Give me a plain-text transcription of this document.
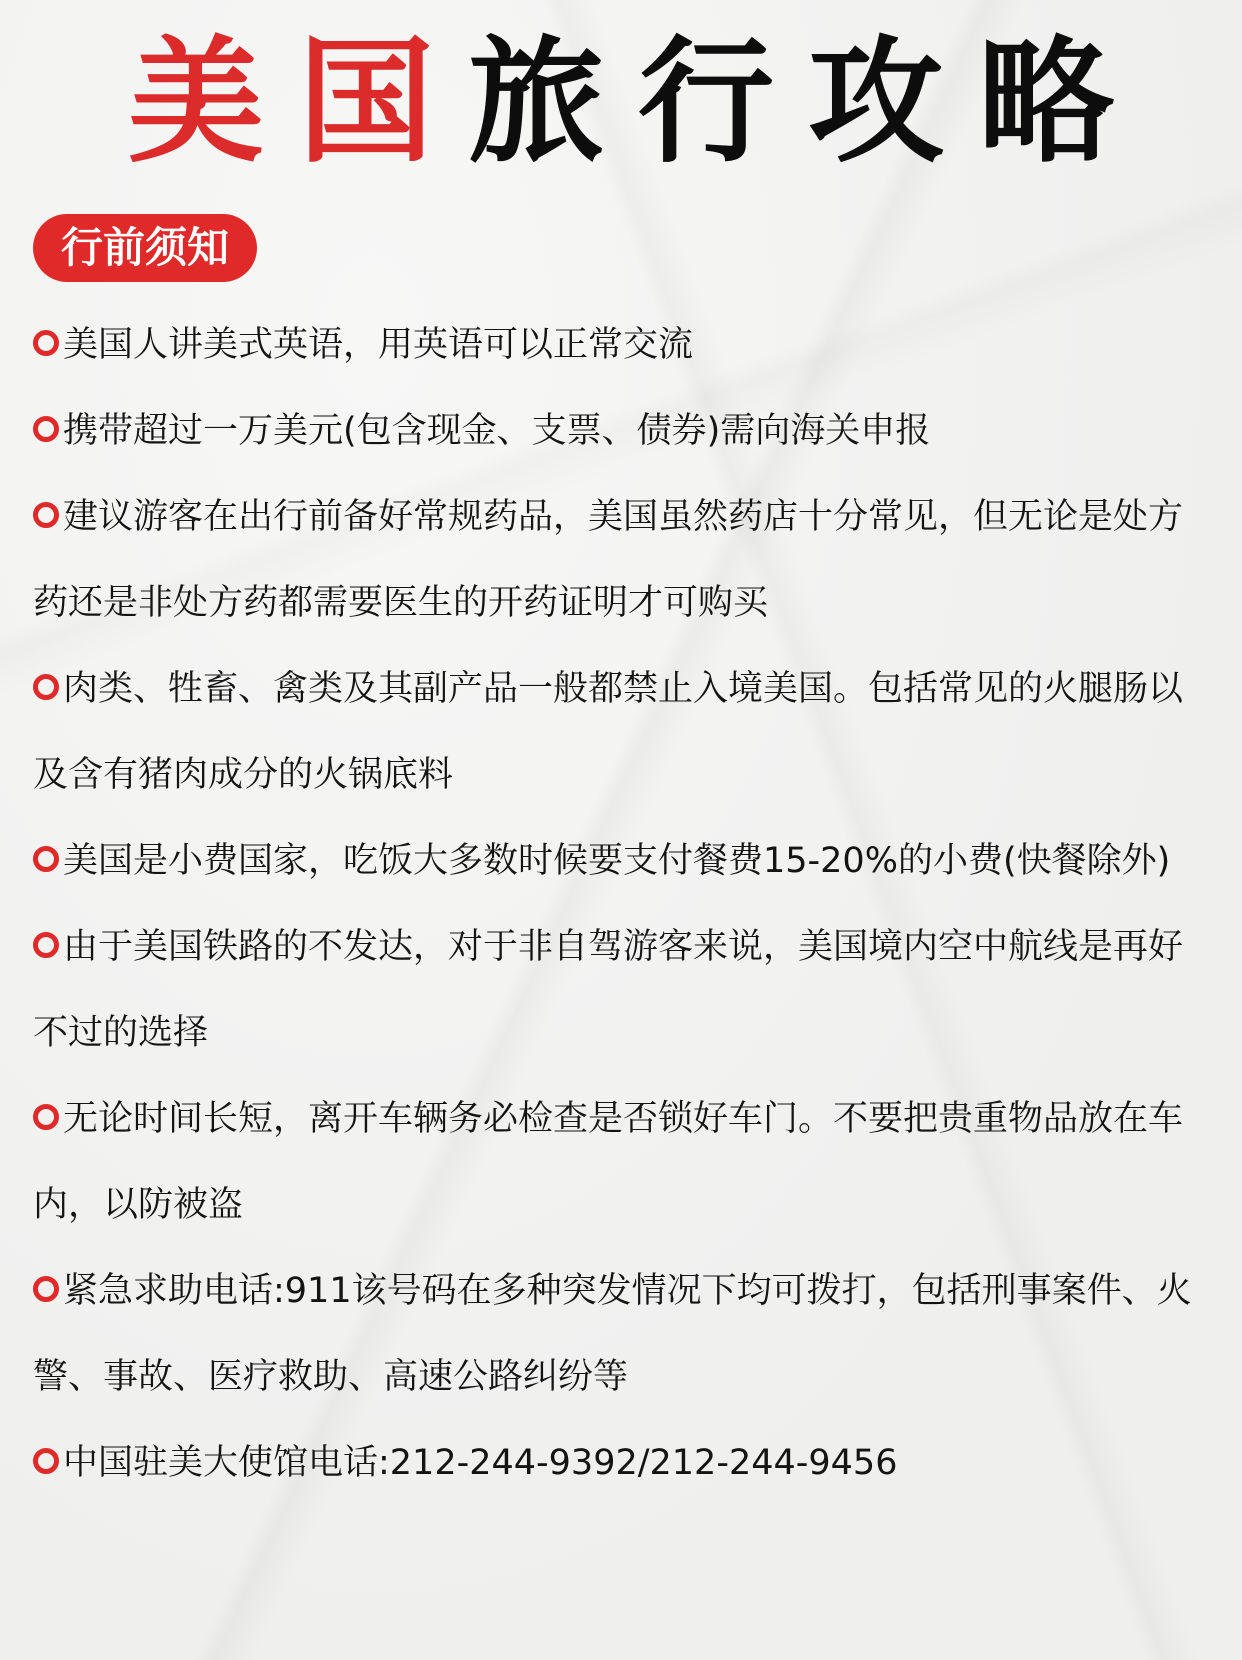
美 国 旅 行 攻 略
行前须知
美国人讲美式英语，用英语可以正常交流
携带超过一万美元(包含现金、支票、债券)需向海关申报
建议游客在出行前备好常规药品，美国虽然药店十分常见，但无论是处方药还是非处方药都需要医生的开药证明才可购买
肉类、牲畜、禽类及其副产品一般都禁止入境美国。包括常见的火腿肠以及含有猪肉成分的火锅底料
美国是小费国家，吃饭大多数时候要支付餐费15-20%的小费(快餐除外)
由于美国铁路的不发达，对于非自驾游客来说，美国境内空中航线是再好不过的选择
无论时间长短，离开车辆务必检查是否锁好车门。不要把贵重物品放在车内，以防被盗
紧急求助电话:911该号码在多种突发情况下均可拨打，包括刑事案件、火警、事故、医疗救助、高速公路纠纷等
中国驻美大使馆电话:212-244-9392/212-244-9456
